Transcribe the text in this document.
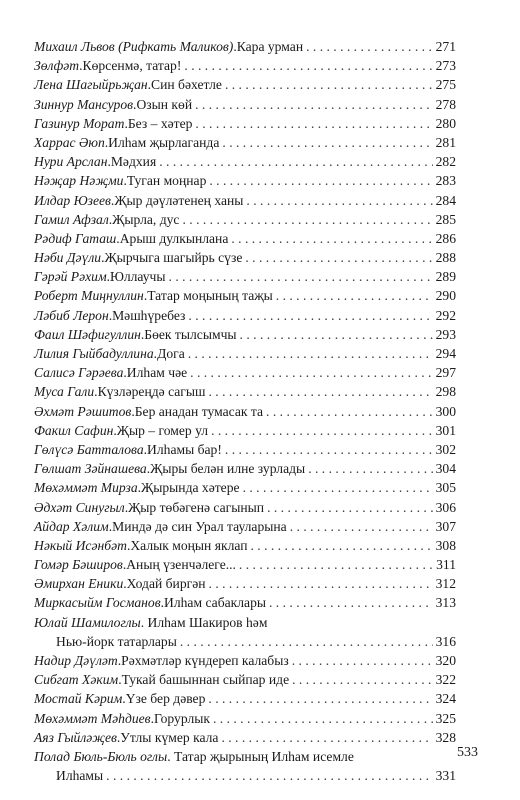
Михаил Львов (Рифкать Маликов) . Кара урман . . .	271
Зөлфәт . Көрсенмә, татар! . . .	273
Лена Шагыйрьҗан . Син бәхетле . . .	275
Зиннур Мансуров . Озын көй . . .	278
Газинур Морат . Без – хәтер . . .	280
Харрас Әюп . Илһам җырлаганда . . .	281
Нури Арслан . Мәдхия . . .	282
Нәҗар Нәҗми . Туган моңнар . . .	283
Илдар Юзеев . Җыр дәүләтенең ханы . . .	284
Гамил Афзал . Җырла, дус . . .	285
Рәдиф Гаташ . Арыш дулкынлана . . .	286
Нәби Дәүли . Җырчыга шагыйрь сүзе . . .	288
Гәрәй Рәхим . Юллаучы . . .	289
Роберт Миңнуллин . Татар моңының таҗы . . .	290
Ләбиб Лерон . Мәшһүребез . . .	292
Фаил Шәфигуллин . Бөек тылсымчы . . .	293
Лилия Гыйбадуллина . Дога . . .	294
Салисә Гәрәева . Илһам чәе . . .	297
Муса Гали . Күзләреңдә сагыш . . .	298
Әхмәт Рәшитов . Бер анадан тумасак та . . .	300
Факил Сафин . Җыр – гомер ул . . .	301
Гөлүсә Батталова . Илһамы бар! . . .	302
Гөлшат Зәйнашева . Җыры белән илне зурлады . . .	304
Мөхәммәт Мирза . Җырында хәтере . . .	305
Әдхәт Синугыл . Җыр төбәгенә сагынып . . .	306
Айдар Хәлим . Миндә дә син Урал тауларына . . .	307
Нәкый Исәнбәт . Халык моңын яклап . . .	308
Гомәр Бәширов . Аның үзенчәлеге... . . .	311
Әмирхан Еники . Ходай биргән . . .	312
Миркасыйм Госманов . Илһам сабаклары . . .	313
Юлай Шамилоглы. Илһам Шакиров һәм
Нью-йорк татарлары . . .	316
Надир Дәүләт . Рәхмәтләр күндереп калабыз . . .	320
Сибгат Хәким . Тукай башыннан сыйпар иде . . .	322
Мостай Кәрим . Үзе бер дәвер . . .	324
Мөхәммәт Мәһдиев . Горурлык . . .	325
Аяз Гыйләҗев . Утлы күмер кала . . .	328
Полад Бюль-Бюль оглы. Татар җырының Илһам исемле
Илһамы . . .	331
533
